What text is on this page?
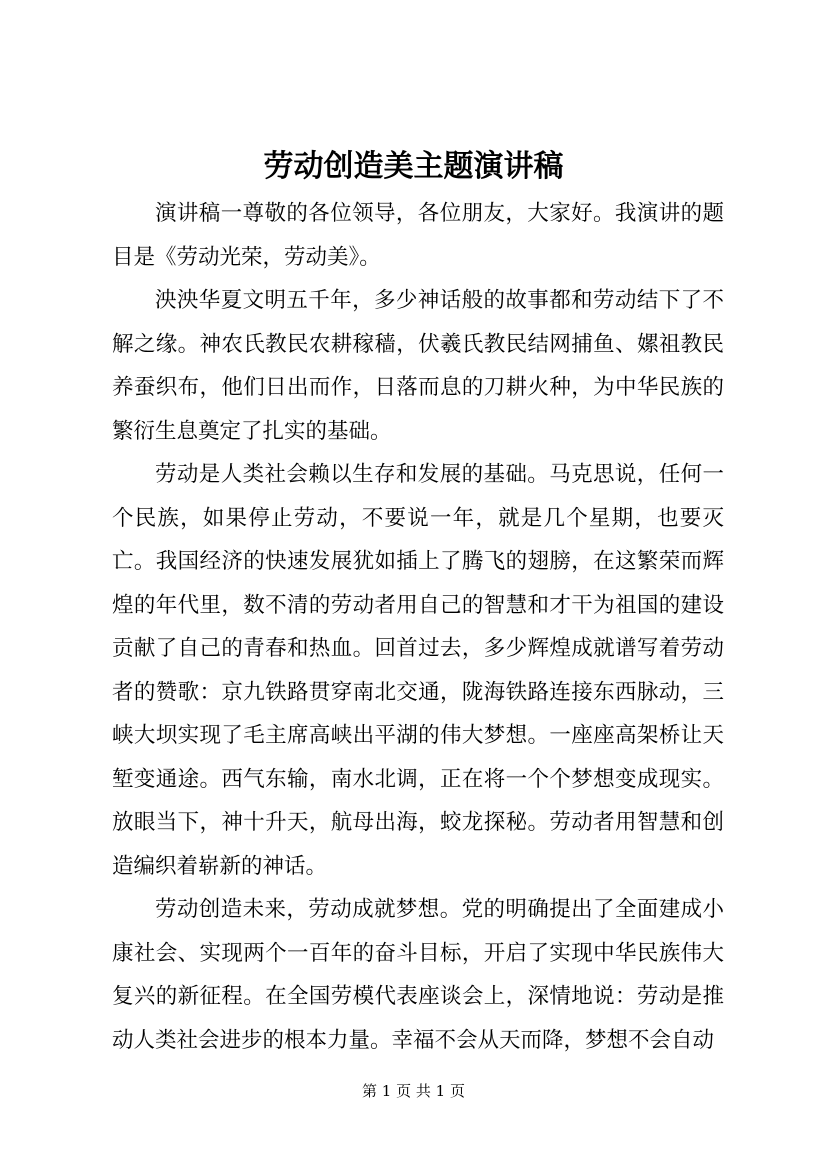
劳动创造美主题演讲稿

演讲稿一尊敬的各位领导，各位朋友，大家好。我演讲的题目是《劳动光荣，劳动美》。

泱泱华夏文明五千年，多少神话般的故事都和劳动结下了不解之缘。神农氏教民农耕稼穑，伏羲氏教民结网捕鱼、嫘祖教民养蚕织布，他们日出而作，日落而息的刀耕火种，为中华民族的繁衍生息奠定了扎实的基础。

劳动是人类社会赖以生存和发展的基础。马克思说，任何一个民族，如果停止劳动，不要说一年，就是几个星期，也要灭亡。我国经济的快速发展犹如插上了腾飞的翅膀，在这繁荣而辉煌的年代里，数不清的劳动者用自己的智慧和才干为祖国的建设贡献了自己的青春和热血。回首过去，多少辉煌成就谱写着劳动者的赞歌：京九铁路贯穿南北交通，陇海铁路连接东西脉动，三峡大坝实现了毛主席高峡出平湖的伟大梦想。一座座高架桥让天堑变通途。西气东输，南水北调，正在将一个个梦想变成现实。放眼当下，神十升天，航母出海，蛟龙探秘。劳动者用智慧和创造编织着崭新的神话。

劳动创造未来，劳动成就梦想。党的明确提出了全面建成小康社会、实现两个一百年的奋斗目标，开启了实现中华民族伟大复兴的新征程。在全国劳模代表座谈会上，深情地说：劳动是推动人类社会进步的根本力量。幸福不会从天而降，梦想不会自动

第 1 页 共 1 页
